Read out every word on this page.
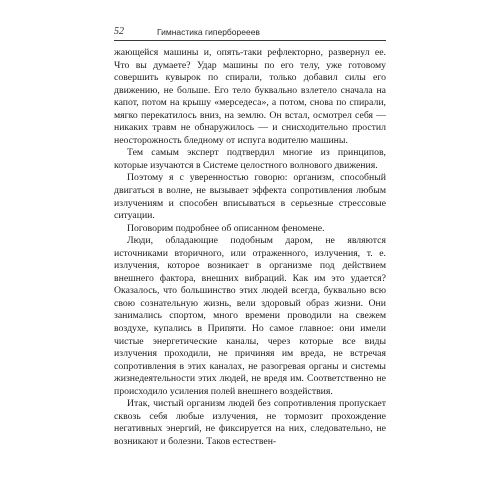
52	Гимнастика гиперборееев

жающейся машины и, опять-таки рефлекторно, развернул ее. Что вы думаете? Удар машины по его телу, уже готовому совершить кувырок по спирали, только добавил силы его движению, не больше. Его тело буквально взлетело сначала на капот, потом на крышу «мерседеса», а потом, снова по спирали, мягко перекатилось вниз, на землю. Он встал, осмотрел себя — никаких травм не обнаружилось — и снисходительно простил неосторожность бледному от испуга водителю машины.

Тем самым эксперт подтвердил многие из принципов, которые изучаются в Системе целостного волнового движения.

Поэтому я с уверенностью говорю: организм, способный двигаться в волне, не вызывает эффекта сопротивления любым излучениям и способен вписываться в серьезные стрессовые ситуации.

Поговорим подробнее об описанном феномене.

Люди, обладающие подобным даром, не являются источниками вторичного, или отраженного, излучения, т. е. излучения, которое возникает в организме под действием внешнего фактора, внешних вибраций. Как им это удается? Оказалось, что большинство этих людей всегда, буквально всю свою сознательную жизнь, вели здоровый образ жизни. Они занимались спортом, много времени проводили на свежем воздухе, купались в Припяти. Но самое главное: они имели чистые энергетические каналы, через которые все виды излучения проходили, не причиняя им вреда, не встречая сопротивления в этих каналах, не разогревая органы и системы жизнедеятельности этих людей, не вредя им. Соответственно не происходило усиления полей внешнего воздействия.

Итак, чистый организм людей без сопротивления пропускает сквозь себя любые излучения, не тормозит прохождение негативных энергий, не фиксируется на них, следовательно, не возникают и болезни. Таков естествен-
